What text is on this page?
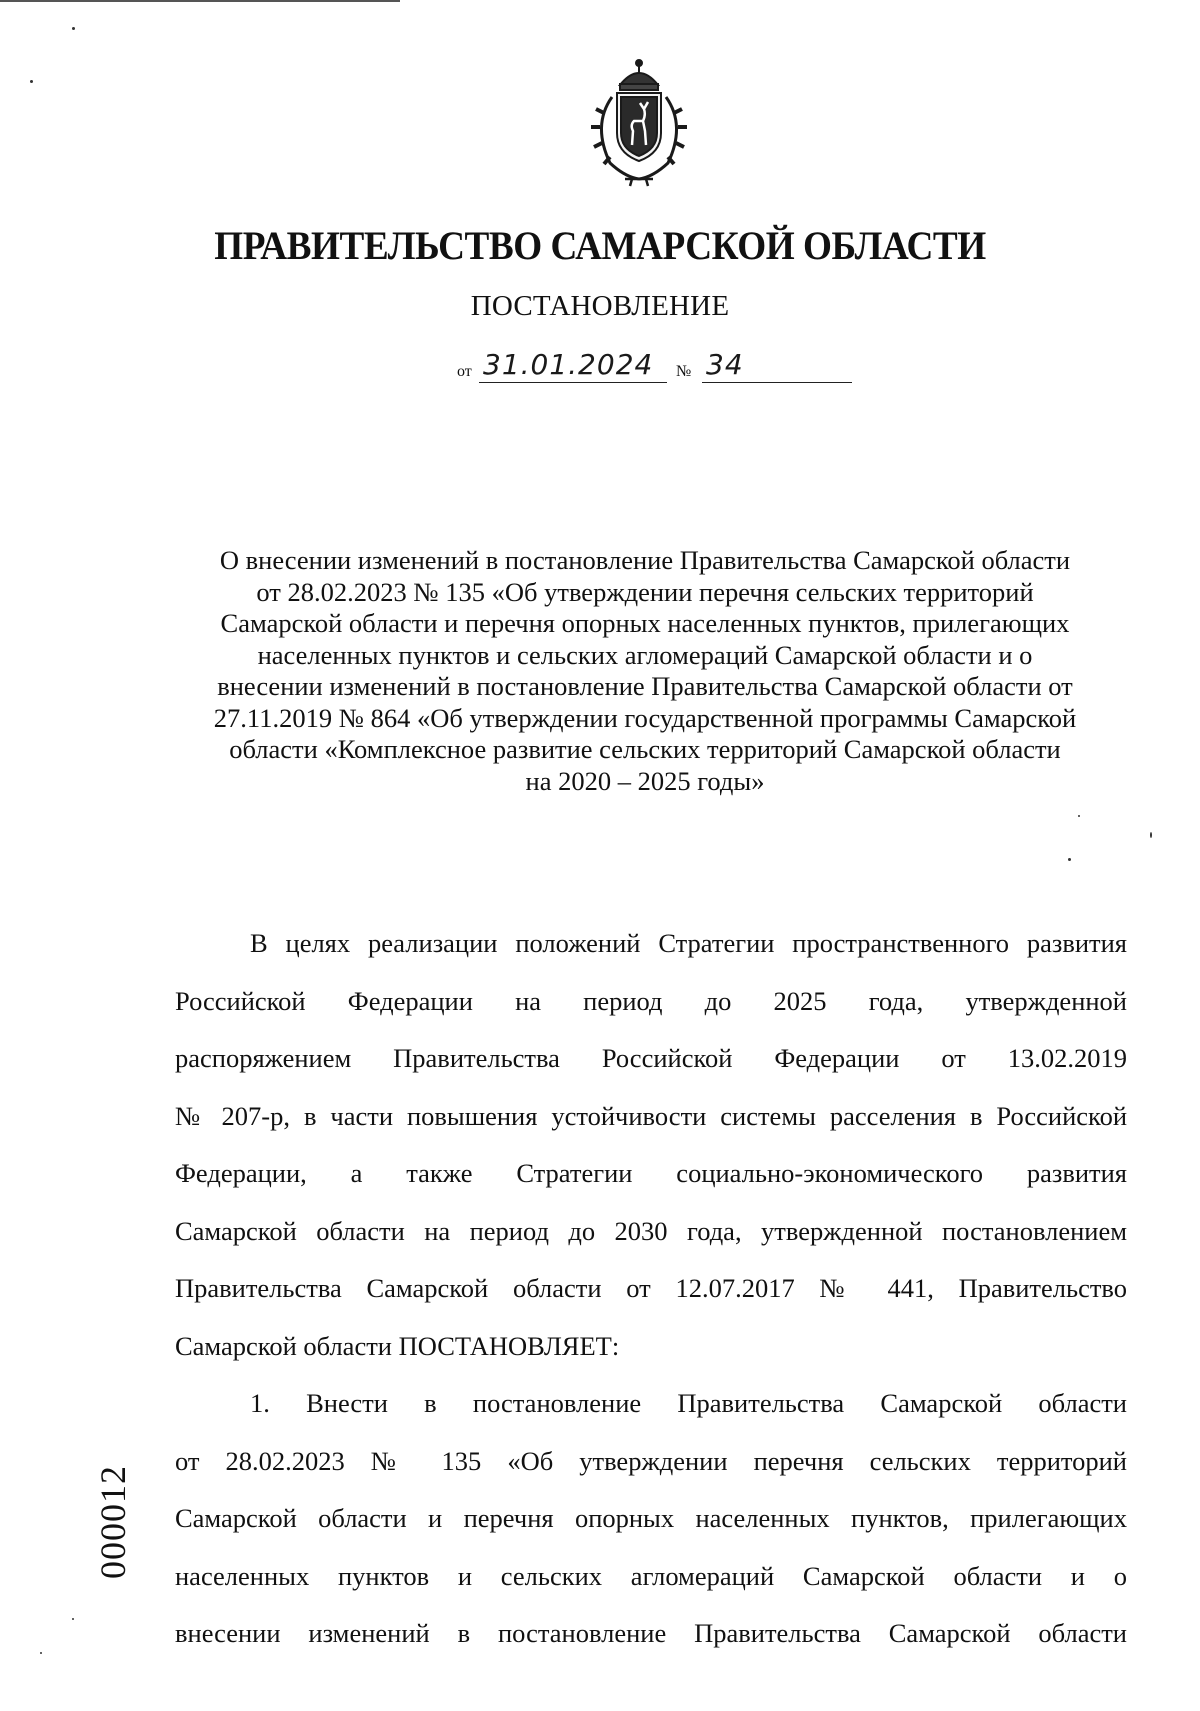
ПРАВИТЕЛЬСТВО САМАРСКОЙ ОБЛАСТИ
ПОСТАНОВЛЕНИЕ
от 31.01.2024 № 34
О внесении изменений в постановление Правительства Самарской области
от 28.02.2023 № 135 «Об утверждении перечня сельских территорий
Самарской области и перечня опорных населенных пунктов, прилегающих
населенных пунктов и сельских агломераций Самарской области и о
внесении изменений в постановление Правительства Самарской области от
27.11.2019 № 864 «Об утверждении государственной программы Самарской
области «Комплексное развитие сельских территорий Самарской области
на 2020 – 2025 годы»
В целях реализации положений Стратегии пространственного развития
Российской Федерации на период до 2025 года, утвержденной
распоряжением Правительства Российской Федерации от 13.02.2019
№ 207-р, в части повышения устойчивости системы расселения в Российской
Федерации, а также Стратегии социально-экономического развития
Самарской области на период до 2030 года, утвержденной постановлением
Правительства Самарской области от 12.07.2017 № 441, Правительство
Самарской области ПОСТАНОВЛЯЕТ:
1. Внести в постановление Правительства Самарской области
от 28.02.2023 № 135 «Об утверждении перечня сельских территорий
Самарской области и перечня опорных населенных пунктов, прилегающих
населенных пунктов и сельских агломераций Самарской области и о
внесении изменений в постановление Правительства Самарской области
000012
